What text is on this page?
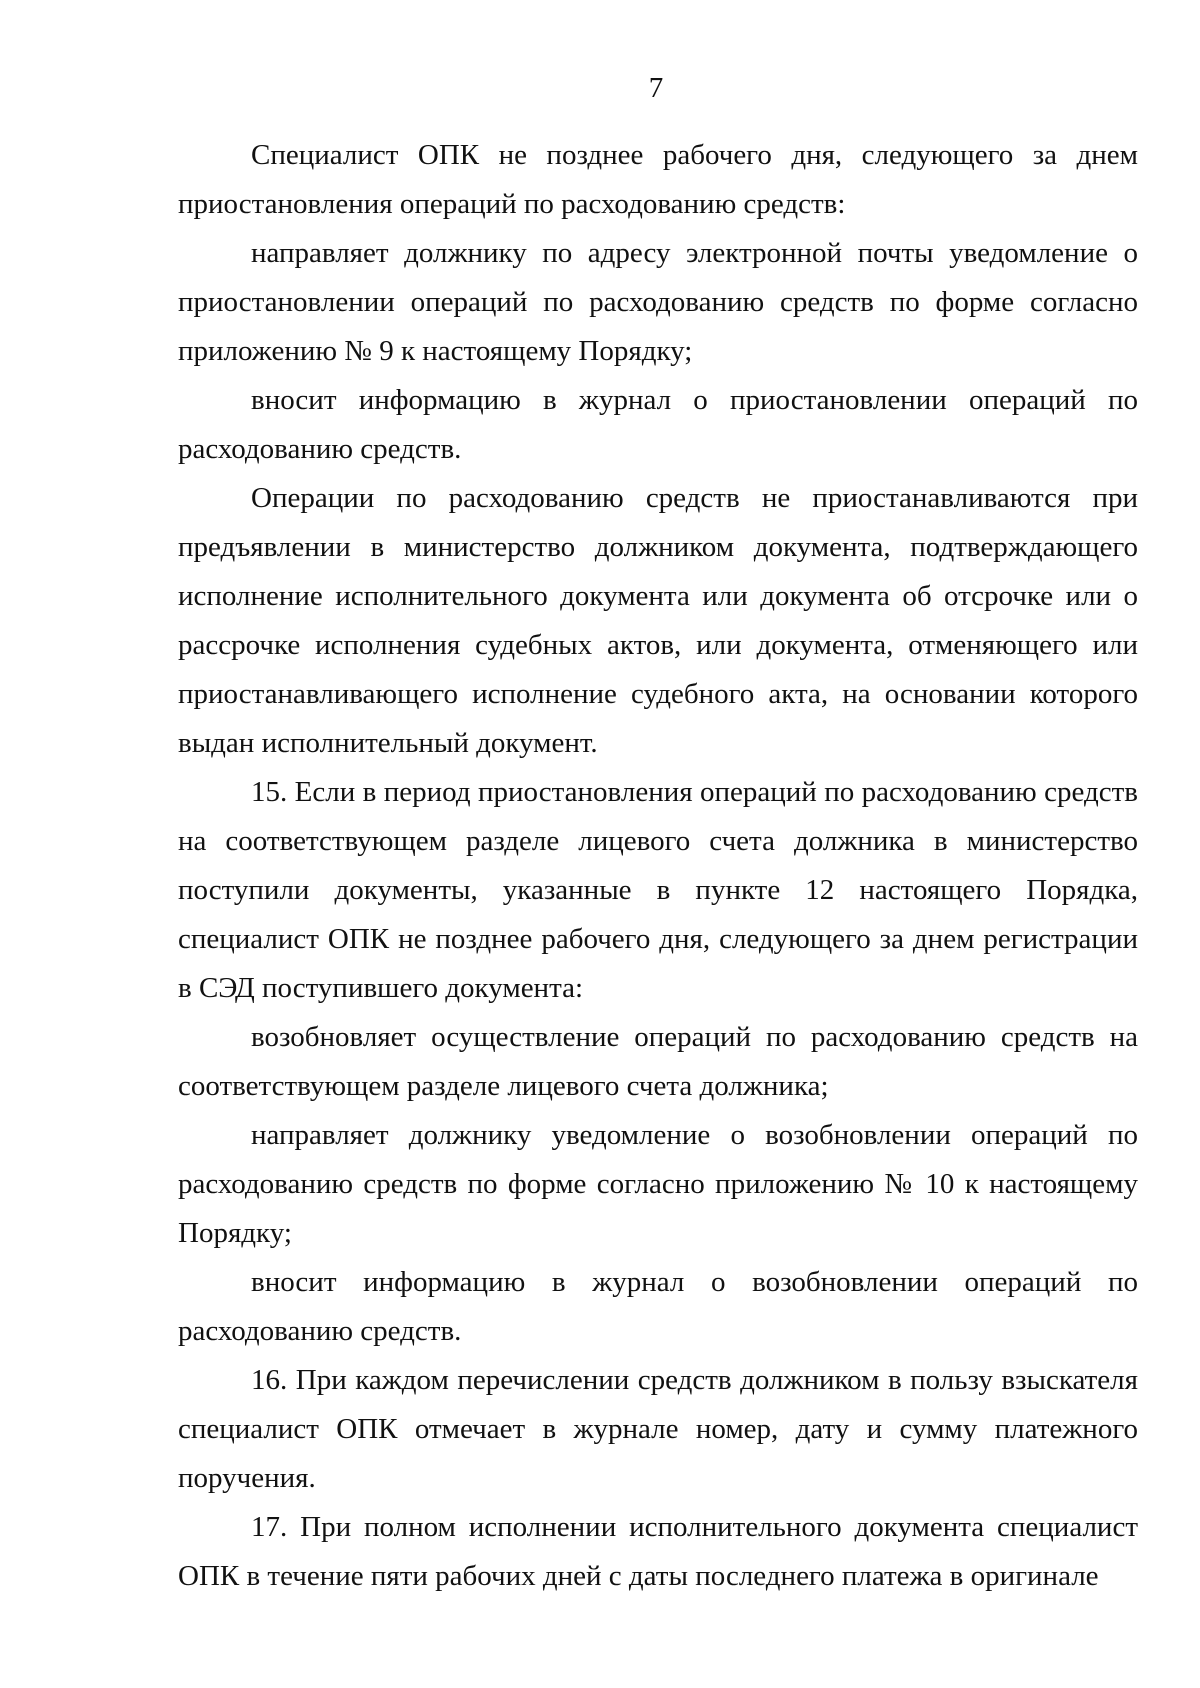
7

Специалист ОПК не позднее рабочего дня, следующего за днем приостановления операций по расходованию средств:

направляет должнику по адресу электронной почты уведомление о приостановлении операций по расходованию средств по форме согласно приложению № 9 к настоящему Порядку;

вносит информацию в журнал о приостановлении операций по расходованию средств.

Операции по расходованию средств не приостанавливаются при предъявлении в министерство должником документа, подтверждающего исполнение исполнительного документа или документа об отсрочке или о рассрочке исполнения судебных актов, или документа, отменяющего или приостанавливающего исполнение судебного акта, на основании которого выдан исполнительный документ.

15. Если в период приостановления операций по расходованию средств на соответствующем разделе лицевого счета должника в министерство поступили документы, указанные в пункте 12 настоящего Порядка, специалист ОПК не позднее рабочего дня, следующего за днем регистрации в СЭД поступившего документа:

возобновляет осуществление операций по расходованию средств на соответствующем разделе лицевого счета должника;

направляет должнику уведомление о возобновлении операций по расходованию средств по форме согласно приложению № 10 к настоящему Порядку;

вносит информацию в журнал о возобновлении операций по расходованию средств.

16. При каждом перечислении средств должником в пользу взыскателя специалист ОПК отмечает в журнале номер, дату и сумму платежного поручения.

17. При полном исполнении исполнительного документа специалист ОПК в течение пяти рабочих дней с даты последнего платежа в оригинале
